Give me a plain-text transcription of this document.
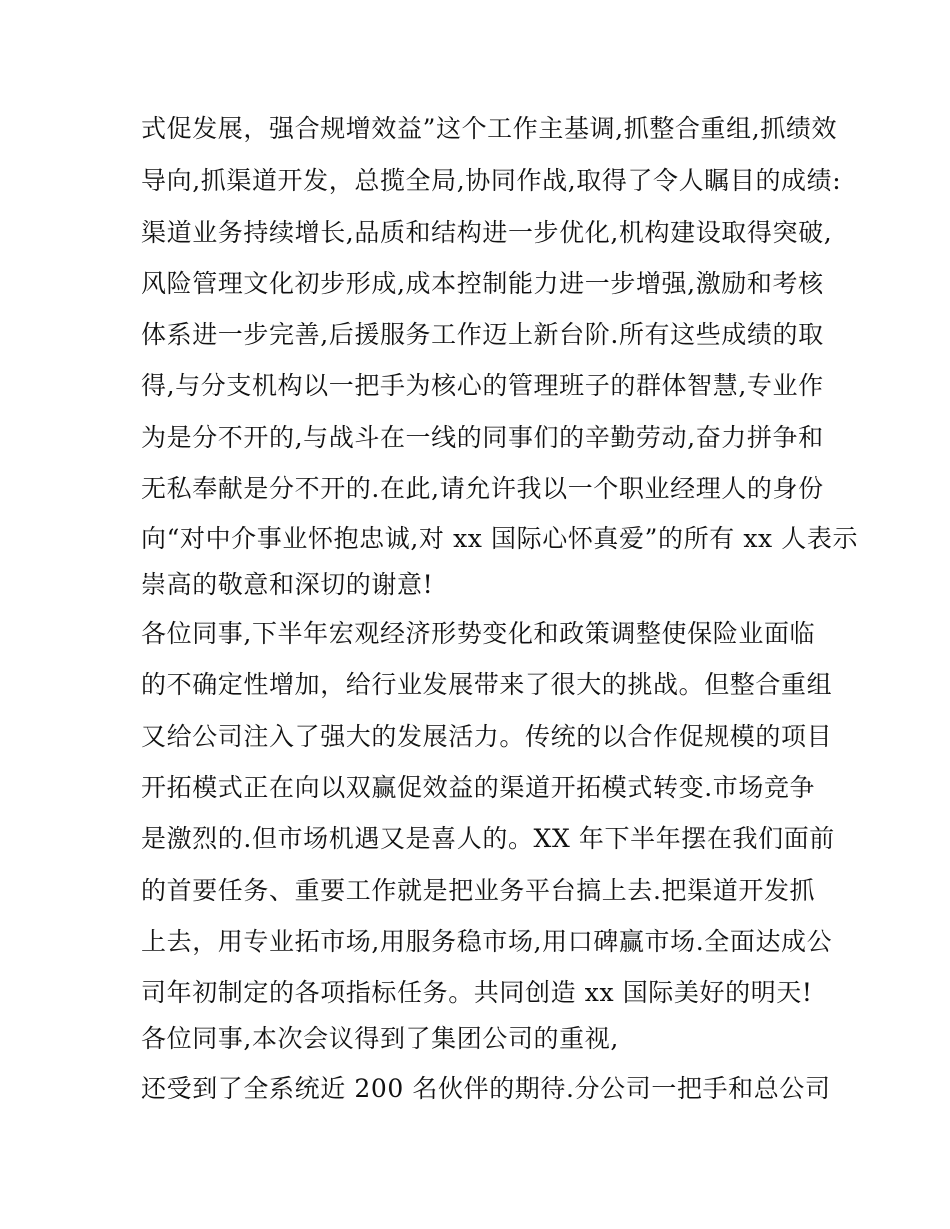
式促发展，强合规增效益”这个工作主基调,抓整合重组,抓绩效
导向,抓渠道开发，总揽全局,协同作战,取得了令人瞩目的成绩:
渠道业务持续增长,品质和结构进一步优化,机构建设取得突破,
风险管理文化初步形成,成本控制能力进一步增强,激励和考核
体系进一步完善,后援服务工作迈上新台阶.所有这些成绩的取
得,与分支机构以一把手为核心的管理班子的群体智慧,专业作
为是分不开的,与战斗在一线的同事们的辛勤劳动,奋力拼争和
无私奉献是分不开的.在此,请允许我以一个职业经理人的身份
向“对中介事业怀抱忠诚,对 xx 国际心怀真爱”的所有 xx 人表示
崇高的敬意和深切的谢意!
各位同事,下半年宏观经济形势变化和政策调整使保险业面临
的不确定性增加，给行业发展带来了很大的挑战。但整合重组
又给公司注入了强大的发展活力。传统的以合作促规模的项目
开拓模式正在向以双赢促效益的渠道开拓模式转变.市场竞争
是激烈的.但市场机遇又是喜人的。XX 年下半年摆在我们面前
的首要任务、重要工作就是把业务平台搞上去.把渠道开发抓
上去，用专业拓市场,用服务稳市场,用口碑赢市场.全面达成公
司年初制定的各项指标任务。共同创造 xx 国际美好的明天!
各位同事,本次会议得到了集团公司的重视,
还受到了全系统近 200 名伙伴的期待.分公司一把手和总公司
